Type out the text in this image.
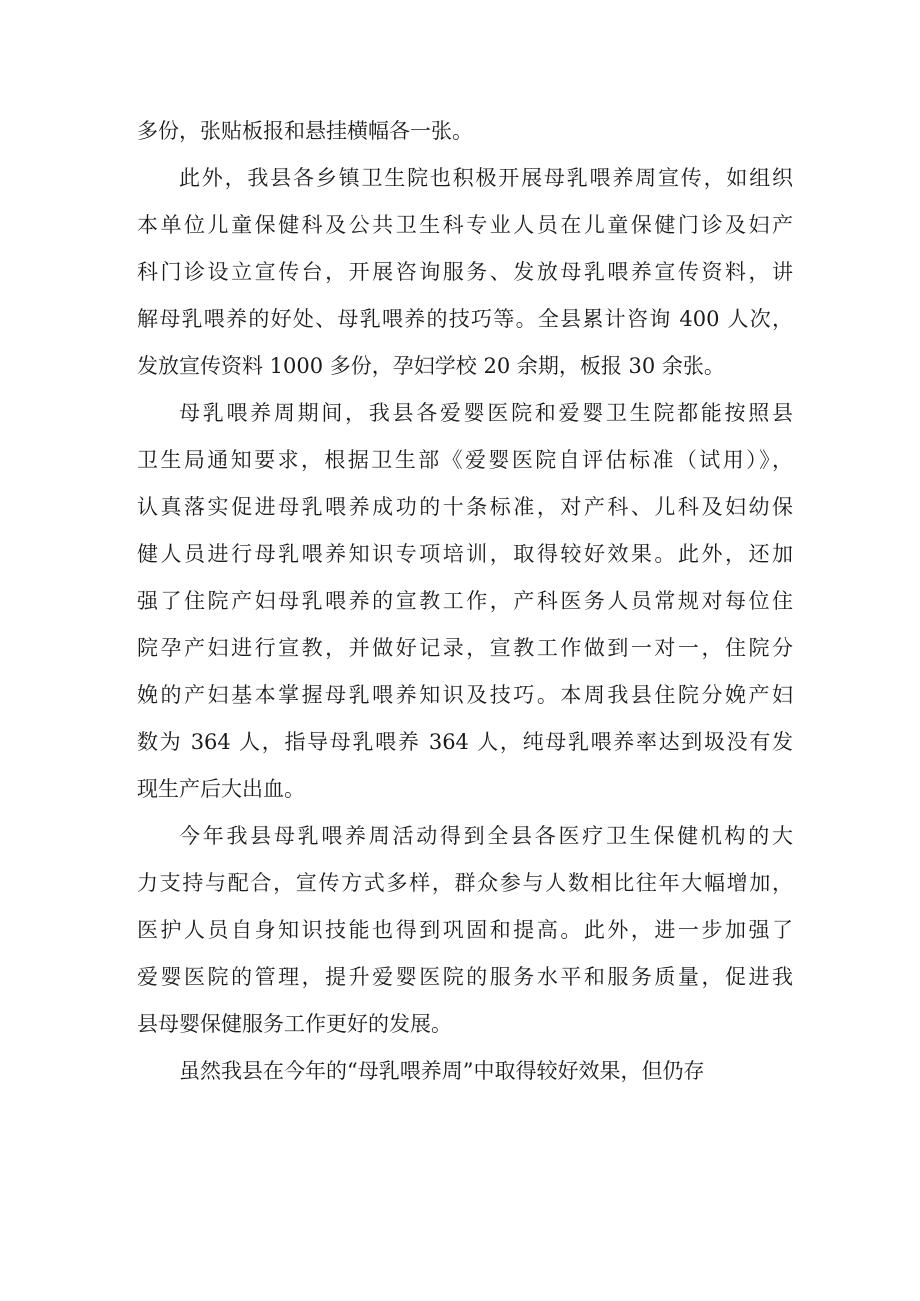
多份，张贴板报和悬挂横幅各一张。
此外，我县各乡镇卫生院也积极开展母乳喂养周宣传，如组织
本单位儿童保健科及公共卫生科专业人员在儿童保健门诊及妇产
科门诊设立宣传台，开展咨询服务、发放母乳喂养宣传资料，讲
解母乳喂养的好处、母乳喂养的技巧等。全县累计咨询 400 人次，
发放宣传资料 1000 多份，孕妇学校 20 余期，板报 30 余张。
母乳喂养周期间，我县各爱婴医院和爱婴卫生院都能按照县
卫生局通知要求，根据卫生部《爱婴医院自评估标准（试用）》，
认真落实促进母乳喂养成功的十条标准，对产科、儿科及妇幼保
健人员进行母乳喂养知识专项培训，取得较好效果。此外，还加
强了住院产妇母乳喂养的宣教工作，产科医务人员常规对每位住
院孕产妇进行宣教，并做好记录，宣教工作做到一对一，住院分
娩的产妇基本掌握母乳喂养知识及技巧。本周我县住院分娩产妇
数为 364 人，指导母乳喂养 364 人，纯母乳喂养率达到圾没有发
现生产后大出血。
今年我县母乳喂养周活动得到全县各医疗卫生保健机构的大
力支持与配合，宣传方式多样，群众参与人数相比往年大幅增加，
医护人员自身知识技能也得到巩固和提高。此外，进一步加强了
爱婴医院的管理，提升爱婴医院的服务水平和服务质量，促进我
县母婴保健服务工作更好的发展。
虽然我县在今年的“母乳喂养周”中取得较好效果，但仍存
